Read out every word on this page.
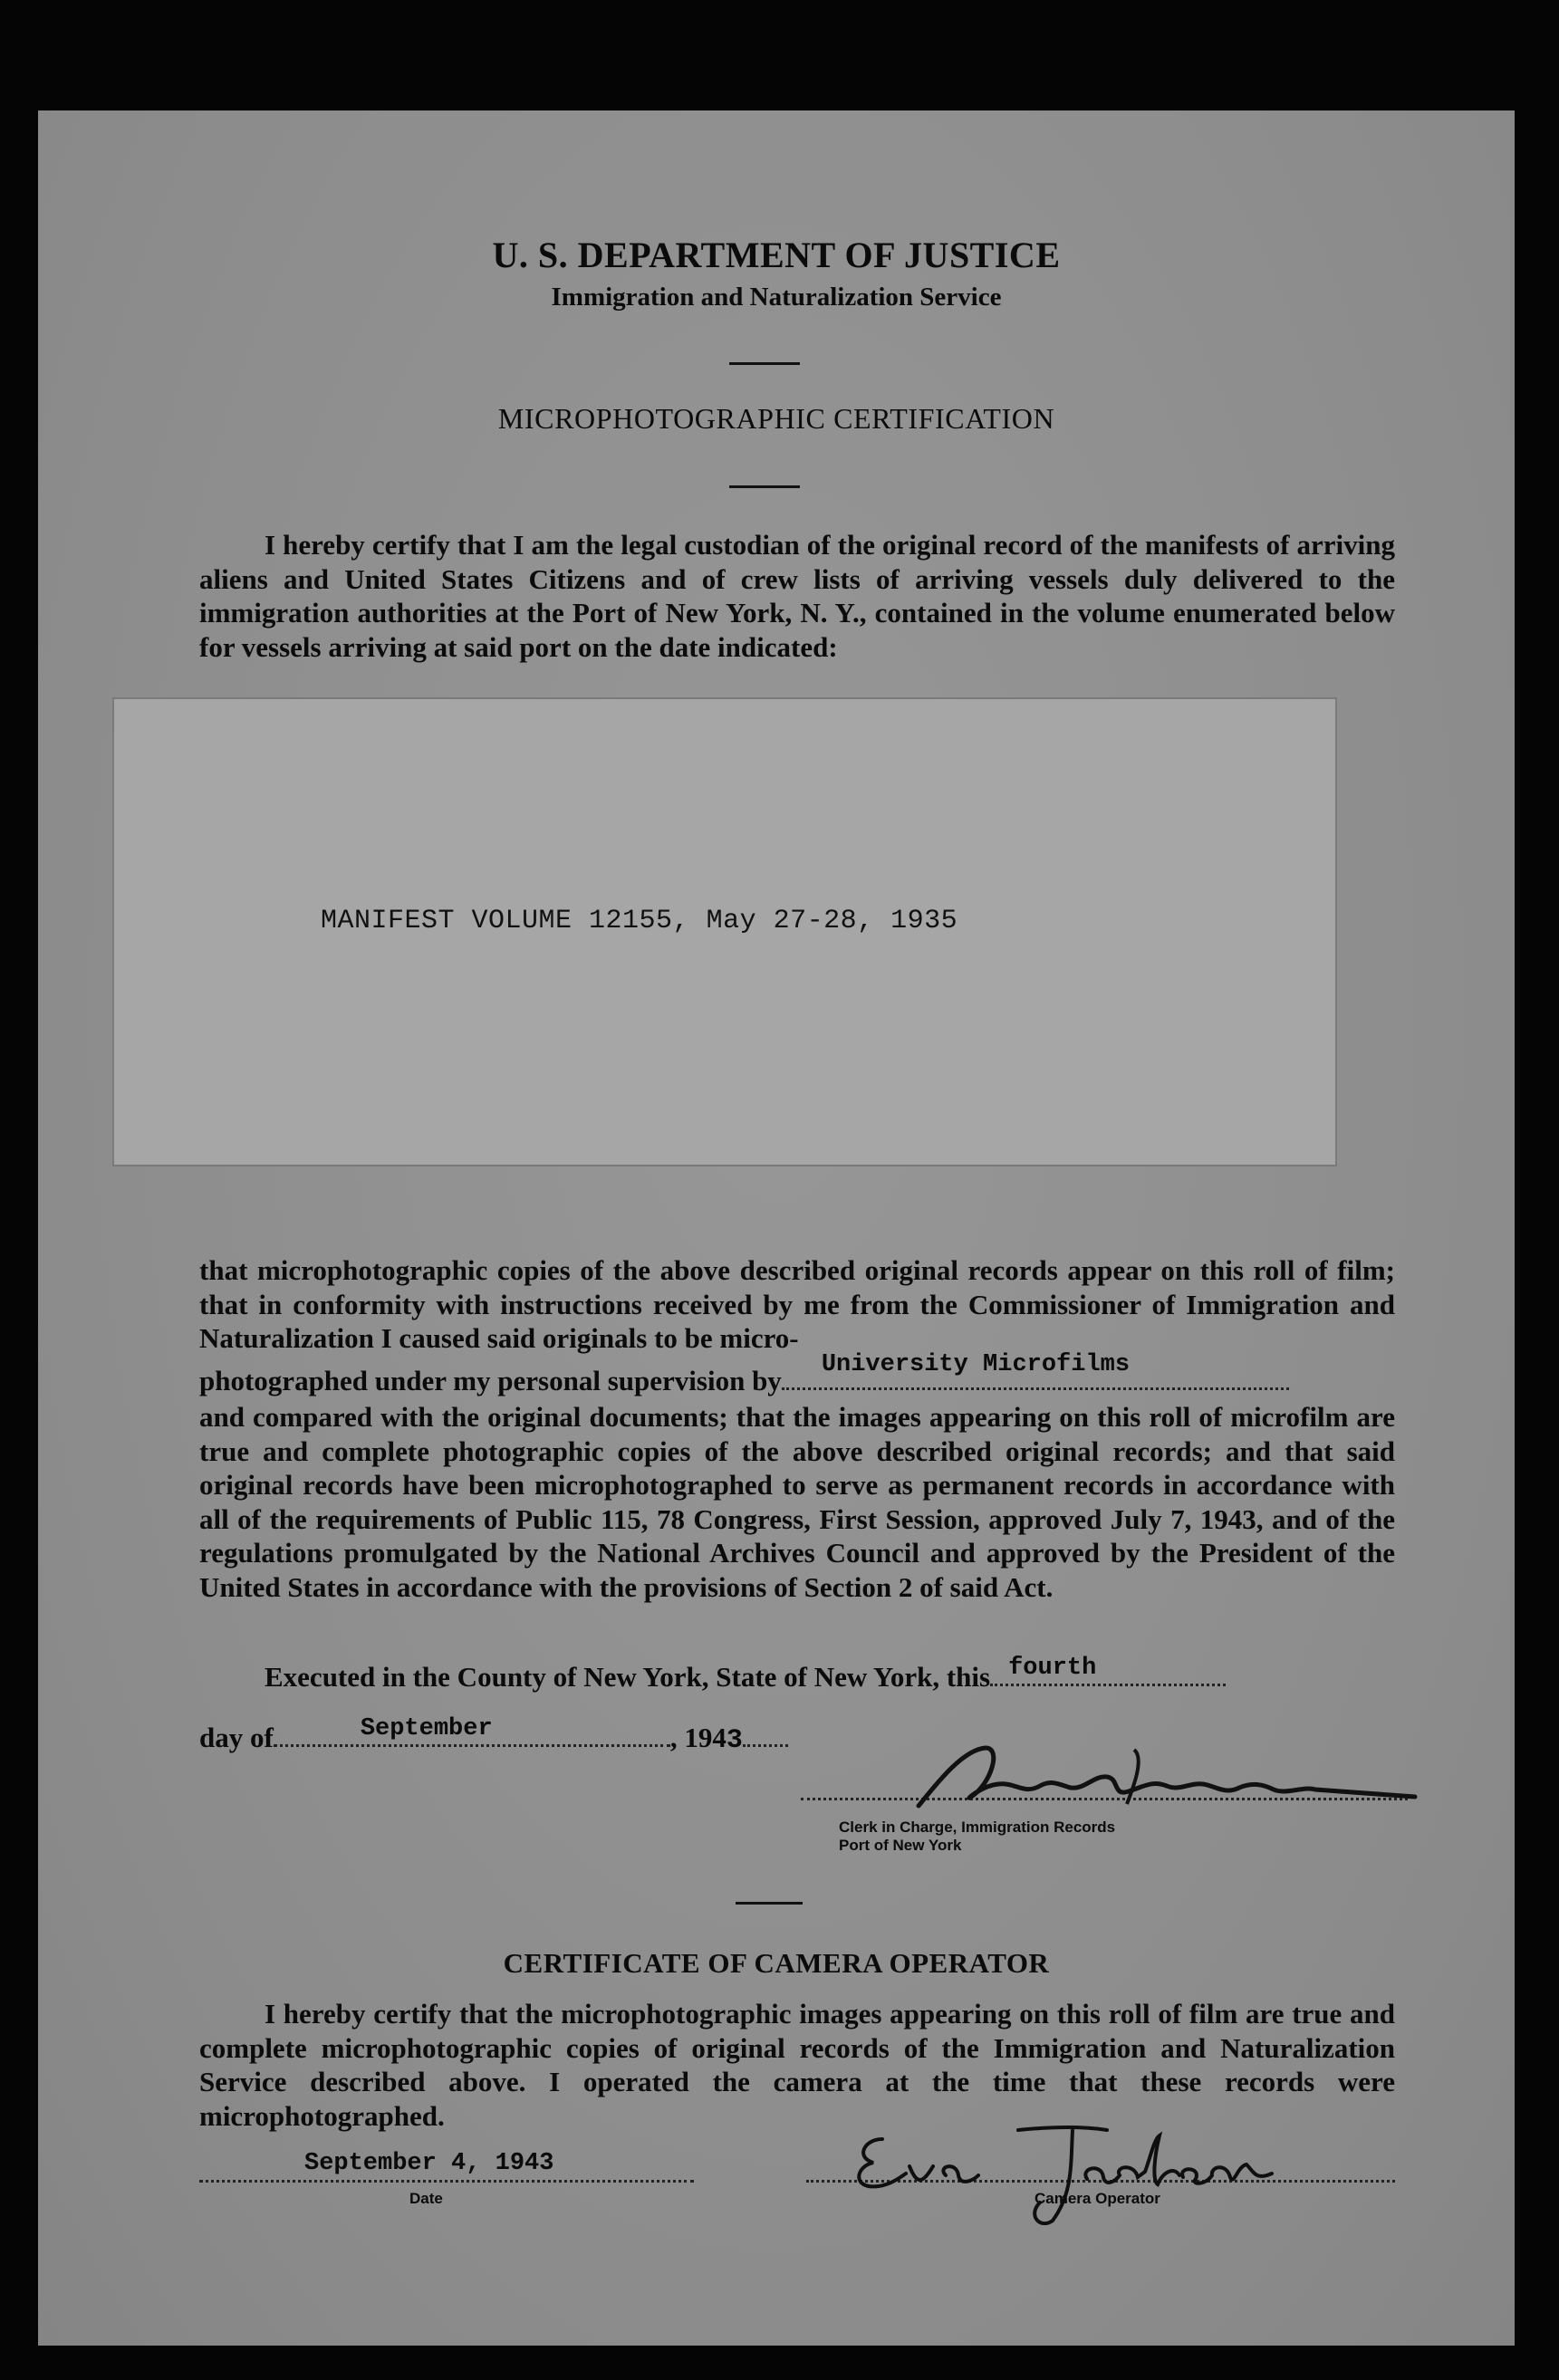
U. S. DEPARTMENT OF JUSTICE
Immigration and Naturalization Service
MICROPHOTOGRAPHIC CERTIFICATION
I hereby certify that I am the legal custodian of the original record of the manifests of arriving aliens and United States Citizens and of crew lists of arriving vessels duly delivered to the immigration authorities at the Port of New York, N. Y., contained in the volume enumerated below for vessels arriving at said port on the date indicated:
MANIFEST VOLUME 12155, May 27-28, 1935
that microphotographic copies of the above described original records appear on this roll of film; that in conformity with instructions received by me from the Commissioner of Immigration and Naturalization I caused said originals to be micro-
photographed under my personal supervision by University Microfilms
and compared with the original documents; that the images appearing on this roll of microfilm are true and complete photographic copies of the above described original records; and that said original records have been microphotographed to serve as permanent records in accordance with all of the requirements of Public 115, 78 Congress, First Session, approved July 7, 1943, and of the regulations promulgated by the National Archives Council and approved by the President of the United States in accordance with the provisions of Section 2 of said Act.
Executed in the County of New York, State of New York, this fourth
day of	September	, 1943
Clerk in Charge, Immigration Records
Port of New York
CERTIFICATE OF CAMERA OPERATOR
I hereby certify that the microphotographic images appearing on this roll of film are true and complete microphotographic copies of original records of the Immigration and Naturalization Service described above. I operated the camera at the time that these records were microphotographed.
September 4, 1943
Date	Camera Operator
